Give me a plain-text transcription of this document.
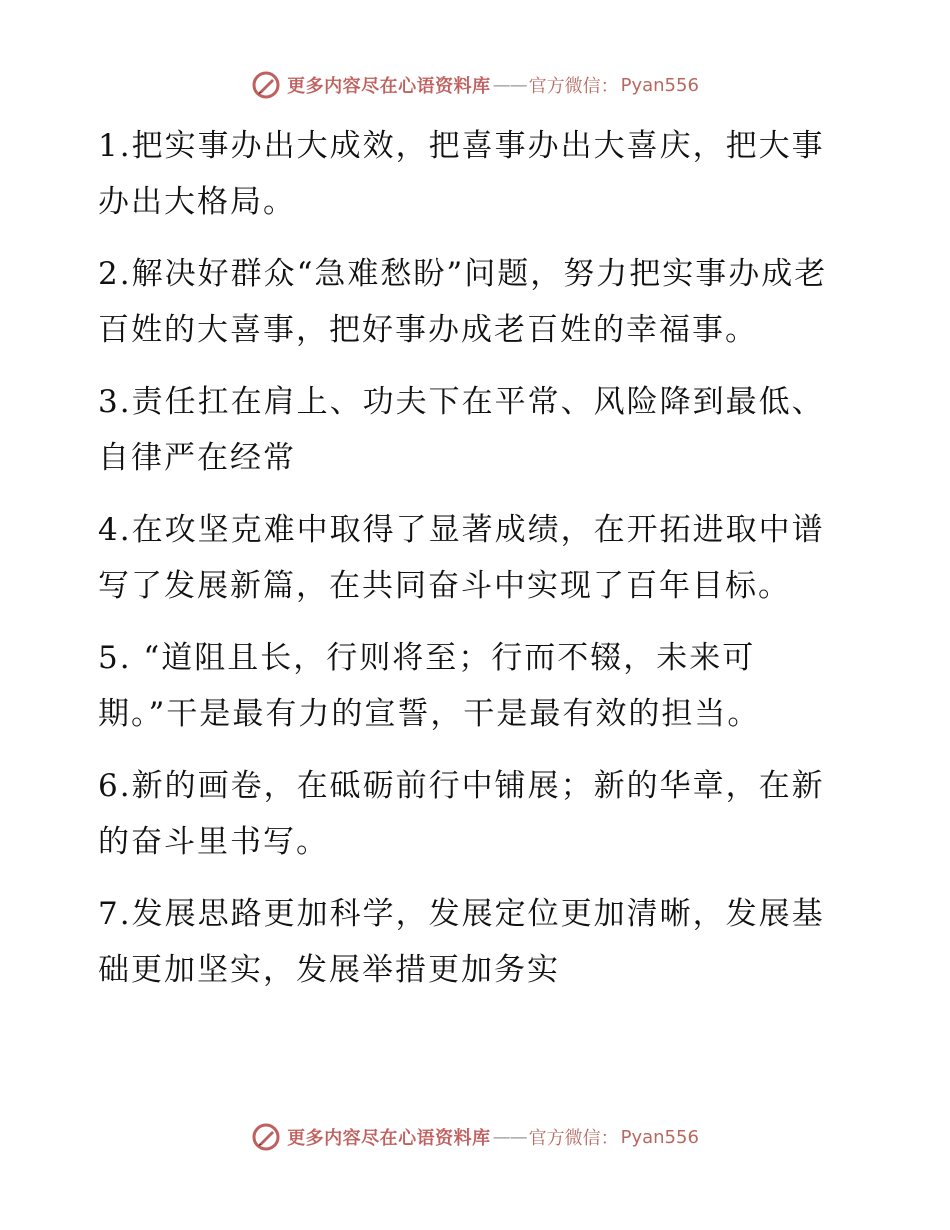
更多内容尽在心语资料库 —— 官方微信： Pyan556

1.把实事办出大成效，把喜事办出大喜庆，把大事办出大格局。

2.解决好群众“急难愁盼”问题，努力把实事办成老百姓的大喜事，把好事办成老百姓的幸福事。

3.责任扛在肩上、功夫下在平常、风险降到最低、自律严在经常

4.在攻坚克难中取得了显著成绩，在开拓进取中谱写了发展新篇，在共同奋斗中实现了百年目标。

5. “道阻且长，行则将至；行而不辍，未来可期。”干是最有力的宣誓，干是最有效的担当。

6.新的画卷，在砥砺前行中铺展；新的华章，在新的奋斗里书写。

7.发展思路更加科学，发展定位更加清晰，发展基础更加坚实，发展举措更加务实

更多内容尽在心语资料库 —— 官方微信： Pyan556
